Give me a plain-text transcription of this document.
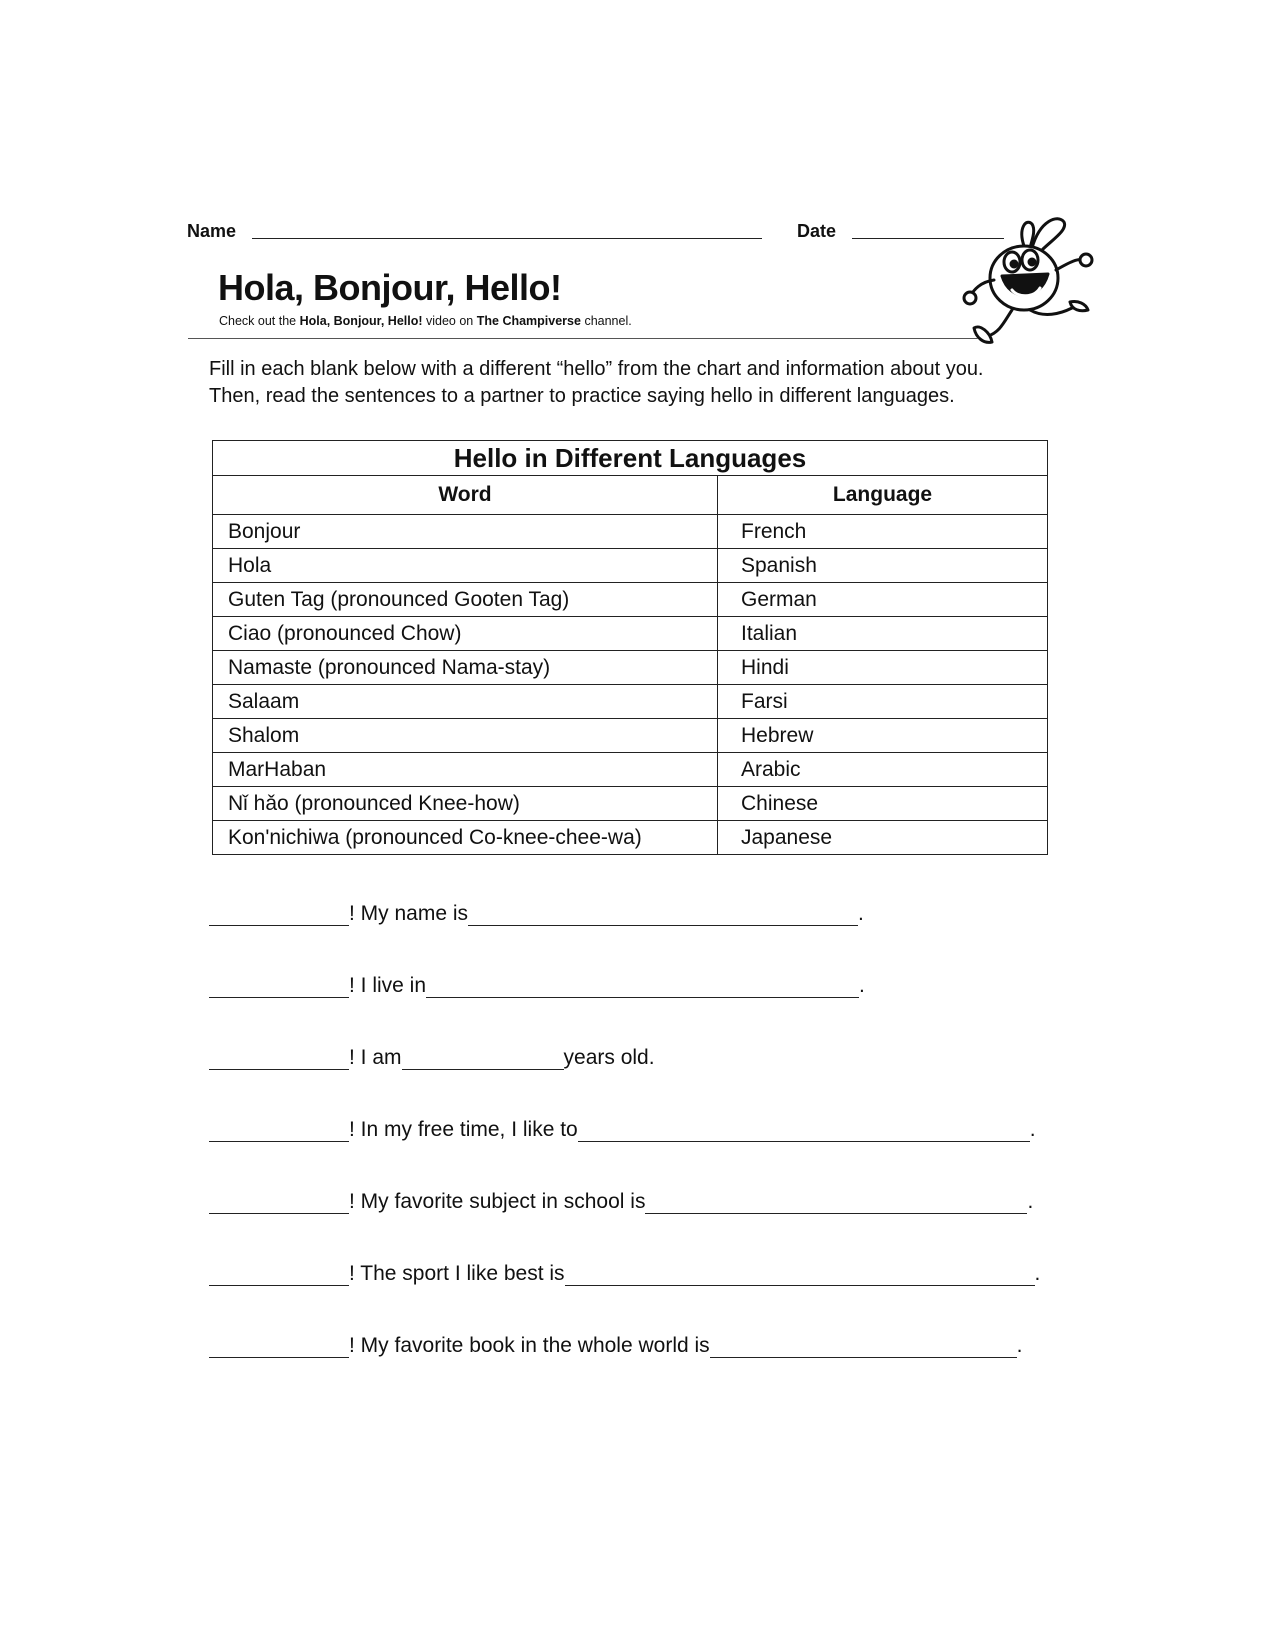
Name	Date
Hola, Bonjour, Hello!
Check out the Hola, Bonjour, Hello! video on The Champiverse channel.
Fill in each blank below with a different “hello” from the chart and information about you.
Then, read the sentences to a partner to practice saying hello in different languages.
Hello in Different Languages	
Word	Language
Bonjour	French
Hola	Spanish
Guten Tag (pronounced Gooten Tag)	German
Ciao (pronounced Chow)	Italian
Namaste (pronounced Nama-stay)	Hindi
Salaam	Farsi
Shalom	Hebrew
MarHaban	Arabic
Nǐ hǎo (pronounced Knee-how)	Chinese
Kon'nichiwa (pronounced Co-knee-chee-wa)	Japanese
! My name is	.
! I live in	.
! I am	years old.
! In my free time, I like to	.
! My favorite subject in school is	.
! The sport I like best is	.
! My favorite book in the whole world is	.
